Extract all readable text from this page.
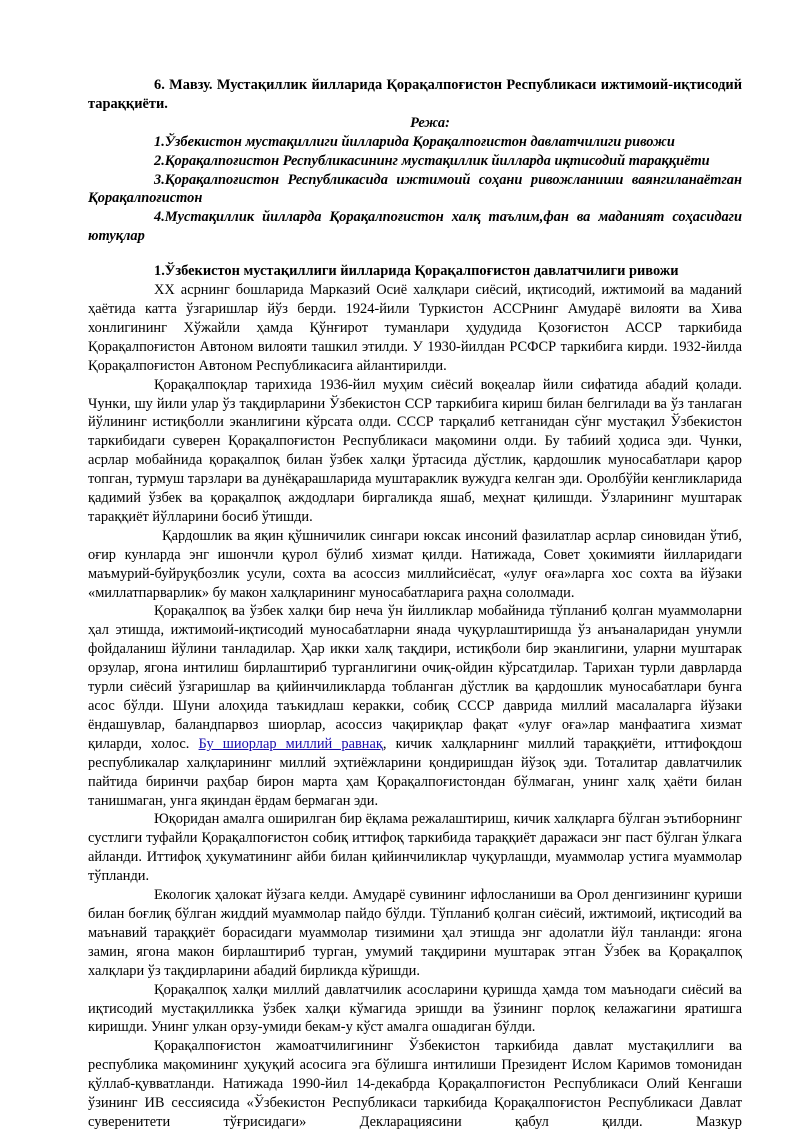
6. Мавзу. Мустақиллик йилларида Қорақалпоғистон Республикаси ижтимоий-иқтисодий тараққиёти.

Режа:

1.Ўзбекистон мустақиллиги йилларида Қорақалпоғистон давлатчилиги ривожи

2.Қорақалпоғистон Республикасининг мустақиллик йилларда иқтисодий тараққиёти

3.Қорақалпоғистон Республикасида ижтимоий соҳани ривожланиши ваянгиланаётган Қорақалпоғистон

4.Мустақиллик йилларда Қорақалпоғистон халқ таълим,фан ва маданият соҳасидаги ютуқлар

1.Ўзбекистон мустақиллиги йилларида Қорақалпоғистон давлатчилиги ривожи

XX асрнинг бошларида Марказий Осиё халқлари сиёсий, иқтисодий, ижтимоий ва маданий ҳаётида катта ўзгаришлар йўз берди. 1924-йили Туркистон АССРнинг Амударё вилояти ва Хива хонлигининг Хўжайли ҳамда Қўнғирот туманлари ҳудудида Қозоғистон АССР таркибида Қорақалпоғистон Автоном вилояти ташкил этилди. У 1930-йилдан РСФСР таркибига кирди. 1932-йилда Қорақалпоғистон Автоном Республикасига айлантирилди.

Қорақалпоқлар тарихида 1936-йил муҳим сиёсий воқеалар йили сифатида абадий қолади. Чунки, шу йили улар ўз тақдирларини Ўзбекистон ССР таркибига кириш билан белгилади ва ўз танлаган йўлининг истиқболли эканлигини кўрсата олди. СССР тарқалиб кетганидан сўнг мустақил Ўзбекистон таркибидаги суверен Қорақалпоғистон Республикаси мақомини олди. Бу табиий ҳодиса эди. Чунки, асрлар мобайнида қорақалпоқ билан ўзбек халқи ўртасида дўстлик, қардошлик муносабатлари қарор топган, турмуш тарзлари ва дунёқарашларида муштараклик вужудга келган эди. Оролбўйи кенгликларида қадимий ўзбек ва қорақалпоқ аждодлари биргаликда яшаб, меҳнат қилишди. Ўзларининг муштарак тараққиёт йўлларини босиб ўтишди.

Қардошлик ва яқин қўшничилик сингари юксак инсоний фазилатлар асрлар синовидан ўтиб, оғир кунларда энг ишончли қурол бўлиб хизмат қилди. Натижада, Совет ҳокимияти йилларидаги маъмурий-буйруқбозлик усули, сохта ва асоссиз миллийсиёсат, «улуғ оға»ларга хос сохта ва йўзаки «миллатпарварлик» бу макон халқларининг муносабатларига раҳна сололмади.

Қорақалпоқ ва ўзбек халқи бир неча ўн йилликлар мобайнида тўпланиб қолган муаммоларни ҳал этишда, ижтимоий-иқтисодий муносабатларни янада чуқурлаштиришда ўз анъаналаридан унумли фойдаланиш йўлини танладилар. Ҳар икки халқ тақдири, истиқболи бир эканлигини, уларни муштарак орзулар, ягона интилиш бирлаштириб турганлигини очиқ-ойдин кўрсатдилар. Тарихан турли даврларда турли сиёсий ўзгаришлар ва қийинчиликларда тобланган дўстлик ва қардошлик муносабатлари бунга асос бўлди. Шуни алоҳида таъкидлаш керакки, собиқ СССР даврида миллий масалаларга йўзаки ёндашувлар, баландпарвоз шиорлар, асоссиз чақириқлар фақат «улуғ оға»лар манфаатига хизмат қиларди, холос. Бу шиорлар миллий равнақ, кичик халқларнинг миллий тараққиёти, иттифоқдош республикалар халқларининг миллий эҳтиёжларини қондиришдан йўзоқ эди. Тоталитар давлатчилик пайтида биринчи раҳбар бирон марта ҳам Қорақалпоғистондан бўлмаган, унинг халқ ҳаёти билан танишмаган, унга яқиндан ёрдам бермаган эди.

Юқоридан амалга оширилган бир ёқлама режалаштириш, кичик халқларга бўлган эътиборнинг сустлиги туфайли Қорақалпоғистон собиқ иттифоқ таркибида тараққиёт даражаси энг паст бўлган ўлкага айланди. Иттифоқ ҳукуматининг айби билан қийинчиликлар чуқурлашди, муаммолар устига муаммолар тўпланди.

Екологик ҳалокат йўзага келди. Амударё сувининг ифлосланиши ва Орол денгизининг қуриши билан боғлиқ бўлган жиддий муаммолар пайдо бўлди. Тўпланиб қолган сиёсий, ижтимоий, иқтисодий ва маънавий тараққиёт борасидаги муаммолар тизимини ҳал этишда энг адолатли йўл танланди: ягона замин, ягона макон бирлаштириб турган, умумий тақдирини муштарак этган Ўзбек ва Қорақалпоқ халқлари ўз тақдирларини абадий бирликда кўришди.

Қорақалпоқ халқи миллий давлатчилик асосларини қуришда ҳамда том маънодаги сиёсий ва иқтисодий мустақилликка ўзбек халқи кўмагида эришди ва ўзининг порлоқ келажагини яратишга киришди. Унинг улкан орзу-умиди бекам-у кўст амалга ошадиган бўлди.

Қорақалпоғистон жамоатчилигининг Ўзбекистон таркибида давлат мустақиллиги ва республика мақомининг ҳуқуқий асосига эга бўлишга интилиши Президент Ислом Каримов томонидан қўллаб-қувватланди. Натижада 1990-йил 14-декабрда Қорақалпоғистон Республикаси Олий Кенгаши ўзининг ИВ сессиясида «Ўзбекистон Республикаси таркибида Қорақалпоғистон Республикаси Давлат суверенитети тўғрисидаги» Декларациясини қабул қилди. Мазкур
